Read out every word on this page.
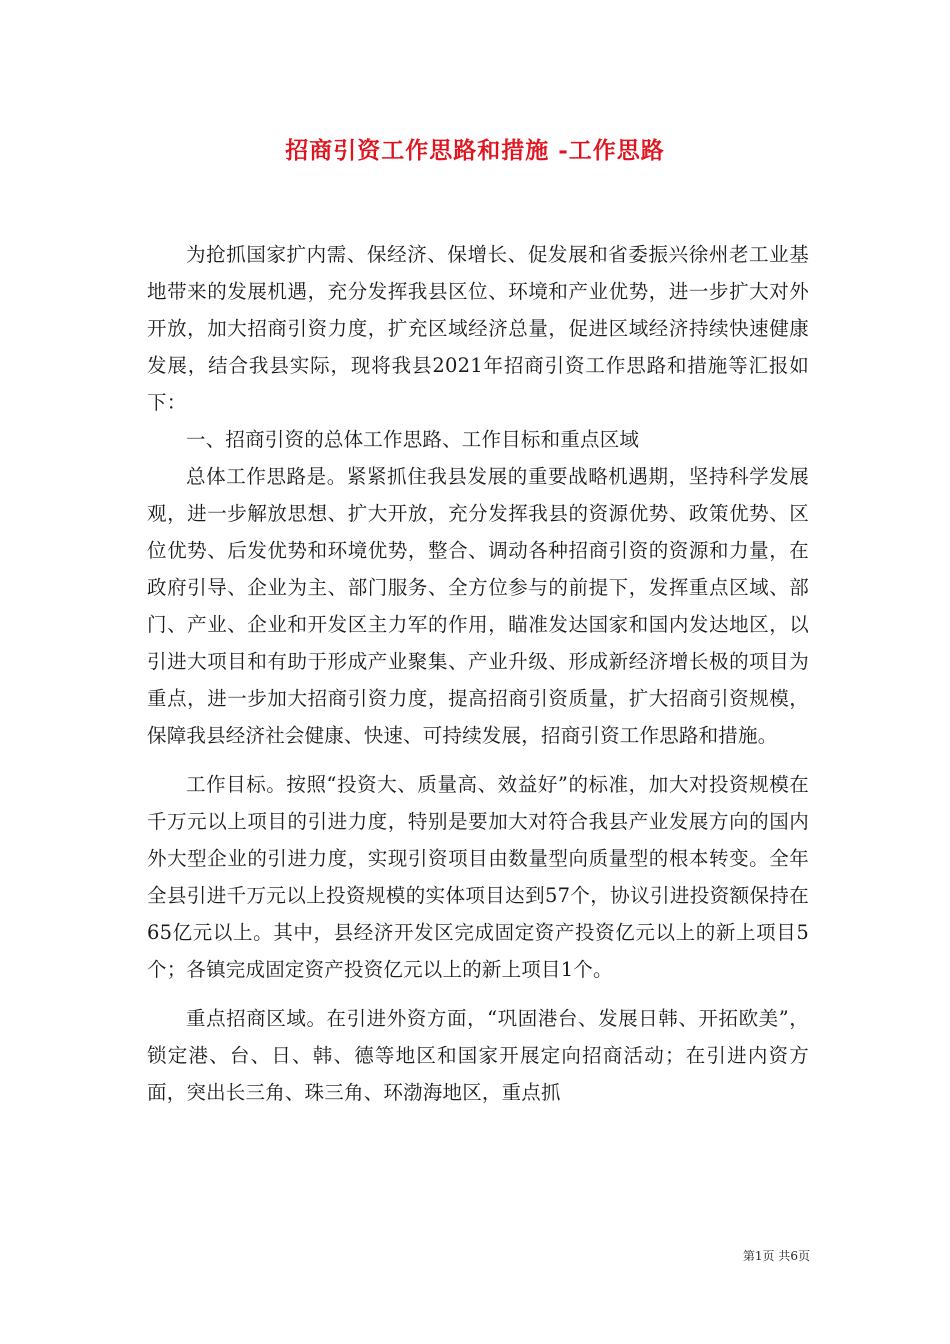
招商引资工作思路和措施 -工作思路

为抢抓国家扩内需、保经济、保增长、促发展和省委振兴徐州老工业基地带来的发展机遇，充分发挥我县区位、环境和产业优势，进一步扩大对外开放，加大招商引资力度，扩充区域经济总量，促进区域经济持续快速健康发展，结合我县实际，现将我县2021年招商引资工作思路和措施等汇报如下：

一、招商引资的总体工作思路、工作目标和重点区域

总体工作思路是。紧紧抓住我县发展的重要战略机遇期，坚持科学发展观，进一步解放思想、扩大开放，充分发挥我县的资源优势、政策优势、区位优势、后发优势和环境优势，整合、调动各种招商引资的资源和力量，在政府引导、企业为主、部门服务、全方位参与的前提下，发挥重点区域、部门、产业、企业和开发区主力军的作用，瞄准发达国家和国内发达地区，以引进大项目和有助于形成产业聚集、产业升级、形成新经济增长极的项目为重点，进一步加大招商引资力度，提高招商引资质量，扩大招商引资规模，保障我县经济社会健康、快速、可持续发展，招商引资工作思路和措施。

工作目标。按照“投资大、质量高、效益好”的标准，加大对投资规模在千万元以上项目的引进力度，特别是要加大对符合我县产业发展方向的国内外大型企业的引进力度，实现引资项目由数量型向质量型的根本转变。全年全县引进千万元以上投资规模的实体项目达到57个，协议引进投资额保持在65亿元以上。其中，县经济开发区完成固定资产投资亿元以上的新上项目5个；各镇完成固定资产投资亿元以上的新上项目1个。

重点招商区域。在引进外资方面，“巩固港台、发展日韩、开拓欧美”，锁定港、台、日、韩、德等地区和国家开展定向招商活动；在引进内资方面，突出长三角、珠三角、环渤海地区，重点抓

第1页 共6页
